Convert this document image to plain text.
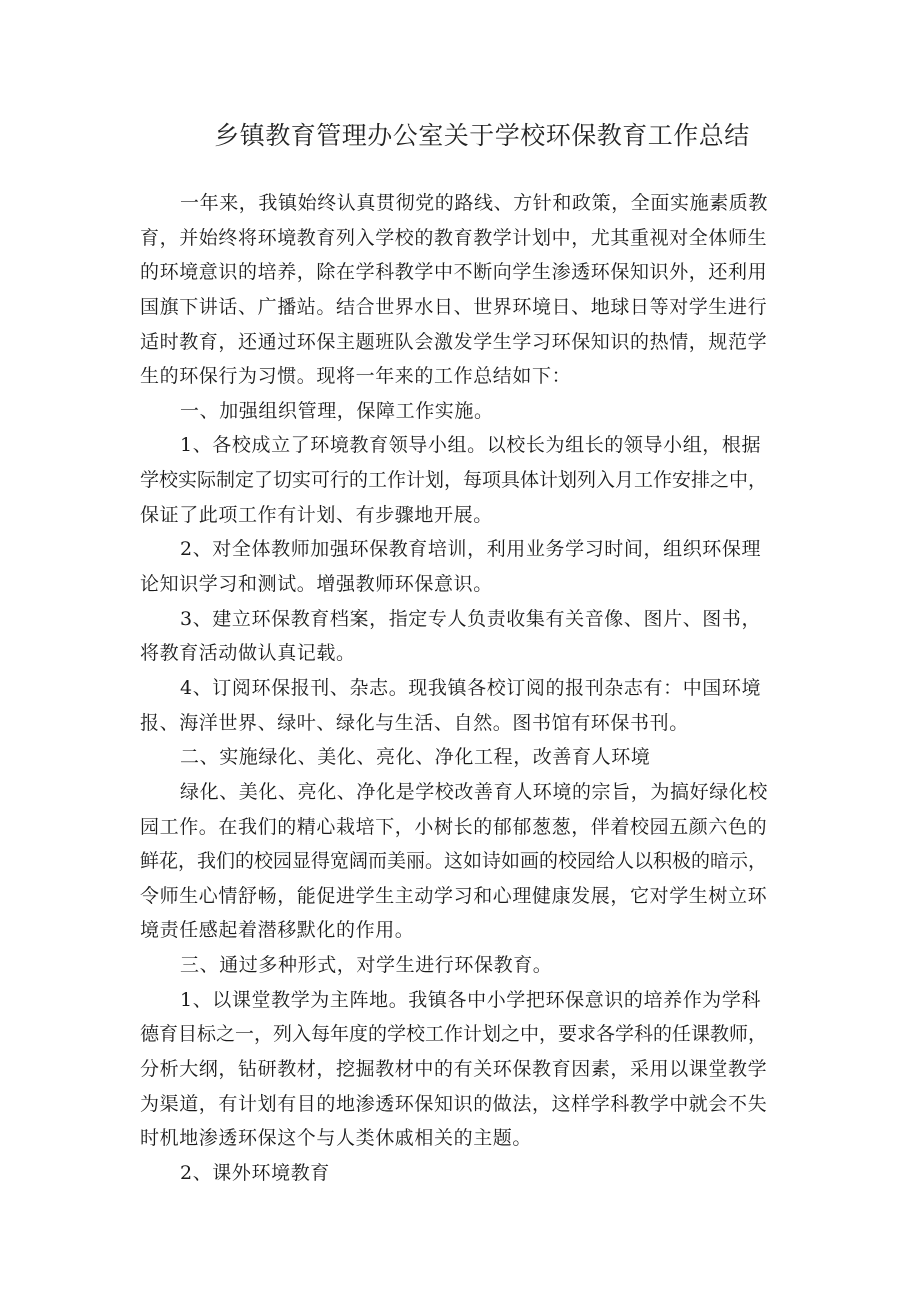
乡镇教育管理办公室关于学校环保教育工作总结
一年来，我镇始终认真贯彻党的路线、方针和政策，全面实施素质教
育，并始终将环境教育列入学校的教育教学计划中，尤其重视对全体师生
的环境意识的培养，除在学科教学中不断向学生渗透环保知识外，还利用
国旗下讲话、广播站。结合世界水日、世界环境日、地球日等对学生进行
适时教育，还通过环保主题班队会激发学生学习环保知识的热情，规范学
生的环保行为习惯。现将一年来的工作总结如下：
一、加强组织管理，保障工作实施。
1、各校成立了环境教育领导小组。以校长为组长的领导小组，根据
学校实际制定了切实可行的工作计划，每项具体计划列入月工作安排之中，
保证了此项工作有计划、有步骤地开展。
2、对全体教师加强环保教育培训，利用业务学习时间，组织环保理
论知识学习和测试。增强教师环保意识。
3、建立环保教育档案，指定专人负责收集有关音像、图片、图书，
将教育活动做认真记载。
4、订阅环保报刊、杂志。现我镇各校订阅的报刊杂志有：中国环境
报、海洋世界、绿叶、绿化与生活、自然。图书馆有环保书刊。
二、实施绿化、美化、亮化、净化工程，改善育人环境
绿化、美化、亮化、净化是学校改善育人环境的宗旨，为搞好绿化校
园工作。在我们的精心栽培下，小树长的郁郁葱葱，伴着校园五颜六色的
鲜花，我们的校园显得宽阔而美丽。这如诗如画的校园给人以积极的暗示，
令师生心情舒畅，能促进学生主动学习和心理健康发展，它对学生树立环
境责任感起着潜移默化的作用。
三、通过多种形式，对学生进行环保教育。
1、以课堂教学为主阵地。我镇各中小学把环保意识的培养作为学科
德育目标之一，列入每年度的学校工作计划之中，要求各学科的任课教师，
分析大纲，钻研教材，挖掘教材中的有关环保教育因素，采用以课堂教学
为渠道，有计划有目的地渗透环保知识的做法，这样学科教学中就会不失
时机地渗透环保这个与人类休戚相关的主题。
2、课外环境教育
